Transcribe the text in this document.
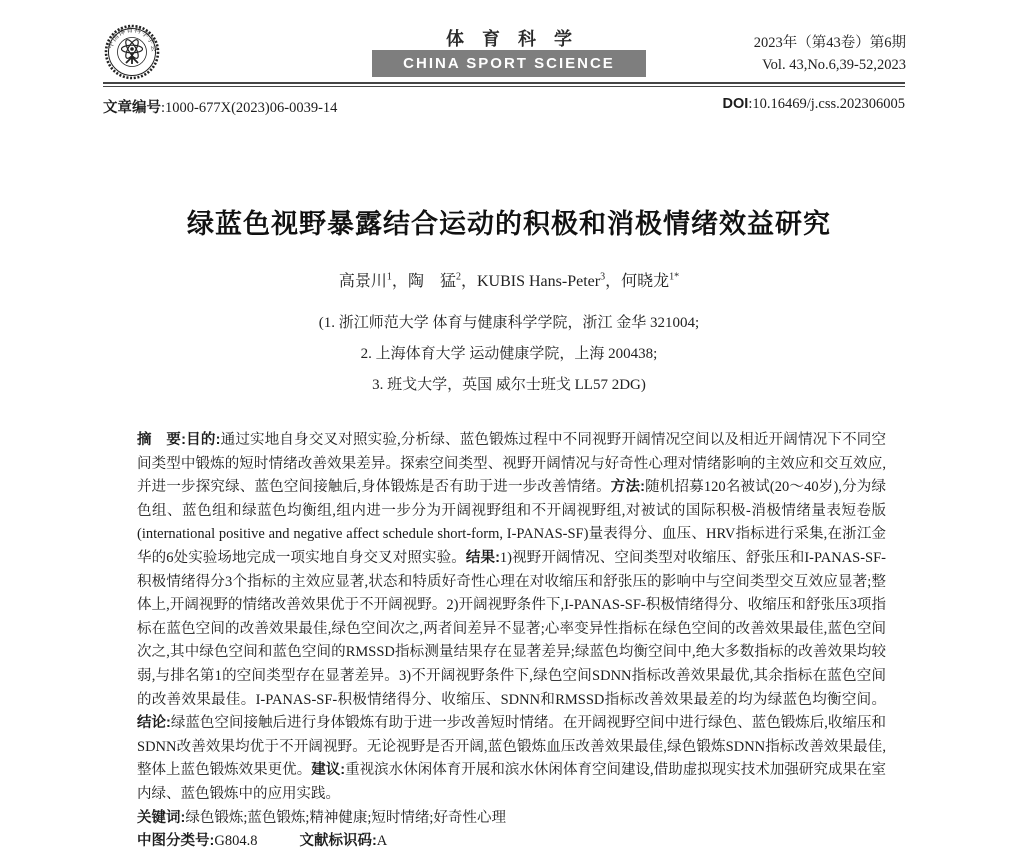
中国体育科学学会	体育科学
CHINA SPORT SCIENCE
2023年（第43卷）第6期
Vol. 43,No.6,39-52,2023
文章编号:1000-677X(2023)06-0039-14	DOI:10.16469/j.css.202306005
绿蓝色视野暴露结合运动的积极和消极情绪效益研究
高景川$^1$，陶　猛$^2$，KUBIS Hans-Peter$^3$，何晓龙$^{1*}$
(1. 浙江师范大学 体育与健康科学学院，浙江 金华 321004;
2. 上海体育大学 运动健康学院，上海 200438;
3. 班戈大学，英国 威尔士班戈 LL57 2DG)

摘　要:目的:通过实地自身交叉对照实验,分析绿、蓝色锻炼过程中不同视野开阔情况空间以及相近开阔情况下不同空间类型中锻炼的短时情绪改善效果差异。探索空间类型、视野开阔情况与好奇性心理对情绪影响的主效应和交互效应,并进一步探究绿、蓝色空间接触后,身体锻炼是否有助于进一步改善情绪。方法:随机招募120名被试(20～40岁),分为绿色组、蓝色组和绿蓝色均衡组,组内进一步分为开阔视野组和不开阔视野组,对被试的国际积极-消极情绪量表短卷版(international positive and negative affect schedule short-form, I-PANAS-SF)量表得分、血压、HRV指标进行采集,在浙江金华的6处实验场地完成一项实地自身交叉对照实验。结果:1)视野开阔情况、空间类型对收缩压、舒张压和I-PANAS-SF-积极情绪得分3个指标的主效应显著,状态和特质好奇性心理在对收缩压和舒张压的影响中与空间类型交互效应显著;整体上,开阔视野的情绪改善效果优于不开阔视野。2)开阔视野条件下,I-PANAS-SF-积极情绪得分、收缩压和舒张压3项指标在蓝色空间的改善效果最佳,绿色空间次之,两者间差异不显著;心率变异性指标在绿色空间的改善效果最佳,蓝色空间次之,其中绿色空间和蓝色空间的RMSSD指标测量结果存在显著差异;绿蓝色均衡空间中,绝大多数指标的改善效果均较弱,与排名第1的空间类型存在显著差异。3)不开阔视野条件下,绿色空间SDNN指标改善效果最优,其余指标在蓝色空间的改善效果最佳。I-PANAS-SF-积极情绪得分、收缩压、SDNN和RMSSD指标改善效果最差的均为绿蓝色均衡空间。结论:绿蓝色空间接触后进行身体锻炼有助于进一步改善短时情绪。在开阔视野空间中进行绿色、蓝色锻炼后,收缩压和SDNN改善效果均优于不开阔视野。无论视野是否开阔,蓝色锻炼血压改善效果最佳,绿色锻炼SDNN指标改善效果最佳,整体上蓝色锻炼效果更优。建议:重视滨水休闲体育开展和滨水休闲体育空间建设,借助虚拟现实技术加强研究成果在室内绿、蓝色锻炼中的应用实践。

关键词:绿色锻炼;蓝色锻炼;精神健康;短时情绪;好奇性心理

中图分类号:G804.8	文献标识码:A
